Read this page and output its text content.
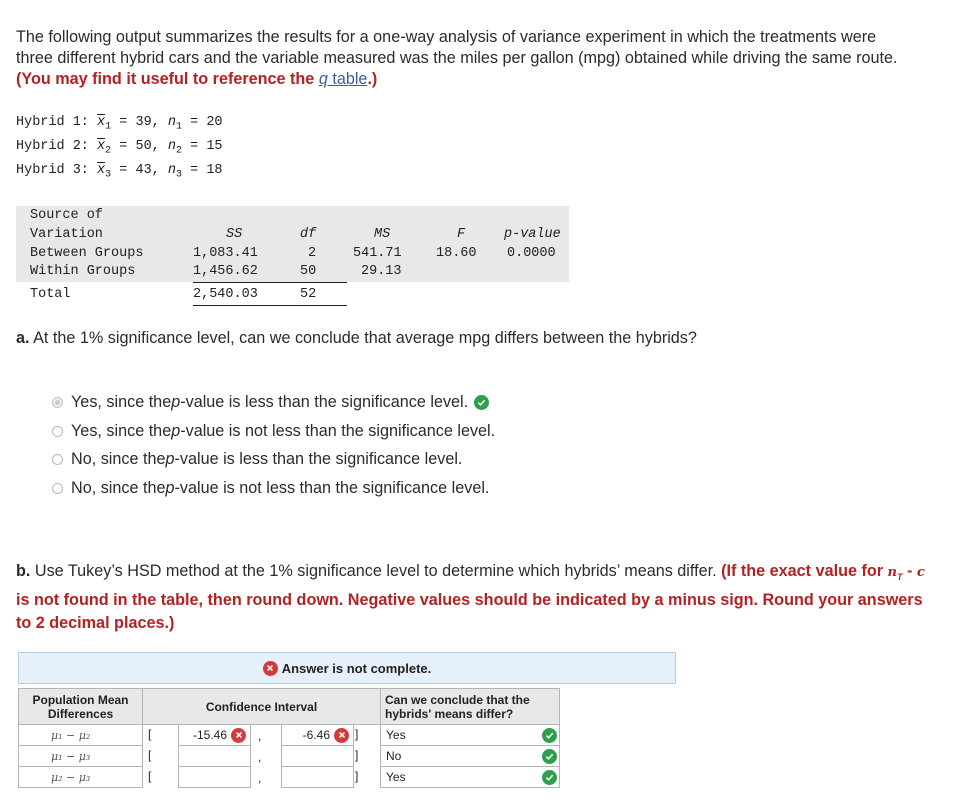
The following output summarizes the results for a one-way analysis of variance experiment in which the treatments were three different hybrid cars and the variable measured was the miles per gallon (mpg) obtained while driving the same route. (You may find it useful to reference the q table.)
Hybrid 1: $\overline{x}_1 = 39$, $n_1 = 20$
Hybrid 2: $\overline{x}_2 = 50$, $n_2 = 15$
Hybrid 3: $\overline{x}_3 = 43$, $n_3 = 18$
Source of
Variation	SS	df	MS	F	p-value
Between Groups	1,083.41	2	541.71	18.60 0.0000
Within Groups	1,456.62	50	29.13
Total	2,540.03	52
a. At the 1% significance level, can we conclude that average mpg differs between the hybrids?
Yes, since the p -value is less than the significance level.
Yes, since the p -value is not less than the significance level.
No, since the p -value is less than the significance level.
No, since the p -value is not less than the significance level.
b. Use Tukey’s HSD method at the 1% significance level to determine which hybrids’ means differ. (If the exact value for $n_T$ - c is not found in the table, then round down. Negative values should be indicated by a minus sign. Round your answers to 2 decimal places.)
Answer is not complete.
Population Mean Differences	Confidence Interval	Can we conclude that the hybrids' means differ?
μ₁ − μ₂	[	-15.46	,	-6.46 ] Yes
μ₁ − μ₃	[	,	] No
μ₂ − μ₃	[	,	] Yes
